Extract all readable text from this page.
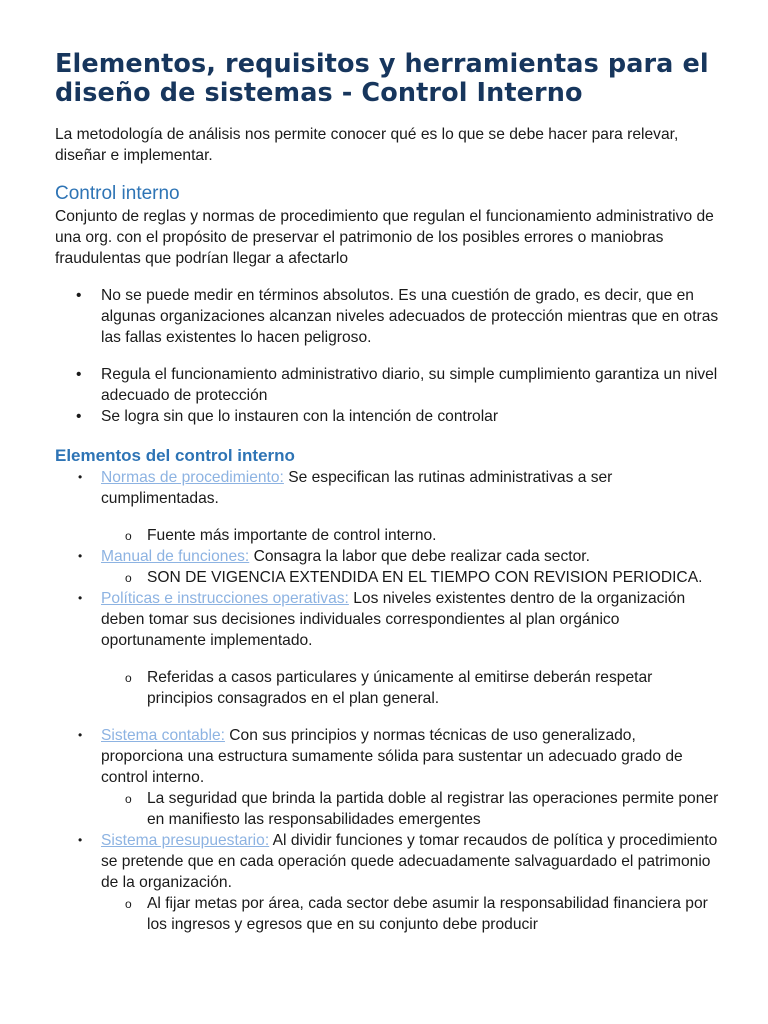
Elementos, requisitos y herramientas para el diseño de sistemas - Control Interno

La metodología de análisis nos permite conocer qué es lo que se debe hacer para relevar, diseñar e implementar.

Control interno

Conjunto de reglas y normas de procedimiento que regulan el funcionamiento administrativo de una org. con el propósito de preservar el patrimonio de los posibles errores o maniobras fraudulentas que podrían llegar a afectarlo

• No se puede medir en términos absolutos. Es una cuestión de grado, es decir, que en algunas organizaciones alcanzan niveles adecuados de protección mientras que en otras las fallas existentes lo hacen peligroso.
• Regula el funcionamiento administrativo diario, su simple cumplimiento garantiza un nivel adecuado de protección
• Se logra sin que lo instauren con la intención de controlar
Elementos del control interno
• Normas de procedimiento: Se especifican las rutinas administrativas a ser cumplimentadas.
o Fuente más importante de control interno.
• Manual de funciones: Consagra la labor que debe realizar cada sector.
o SON DE VIGENCIA EXTENDIDA EN EL TIEMPO CON REVISION PERIODICA.
• Políticas e instrucciones operativas: Los niveles existentes dentro de la organización deben tomar sus decisiones individuales correspondientes al plan orgánico oportunamente implementado.
o Referidas a casos particulares y únicamente al emitirse deberán respetar principios consagrados en el plan general.
• Sistema contable: Con sus principios y normas técnicas de uso generalizado, proporciona una estructura sumamente sólida para sustentar un adecuado grado de control interno.
o La seguridad que brinda la partida doble al registrar las operaciones permite poner en manifiesto las responsabilidades emergentes
• Sistema presupuestario: Al dividir funciones y tomar recaudos de política y procedimiento se pretende que en cada operación quede adecuadamente salvaguardado el patrimonio de la organización.
o Al fijar metas por área, cada sector debe asumir la responsabilidad financiera por los ingresos y egresos que en su conjunto debe producir
